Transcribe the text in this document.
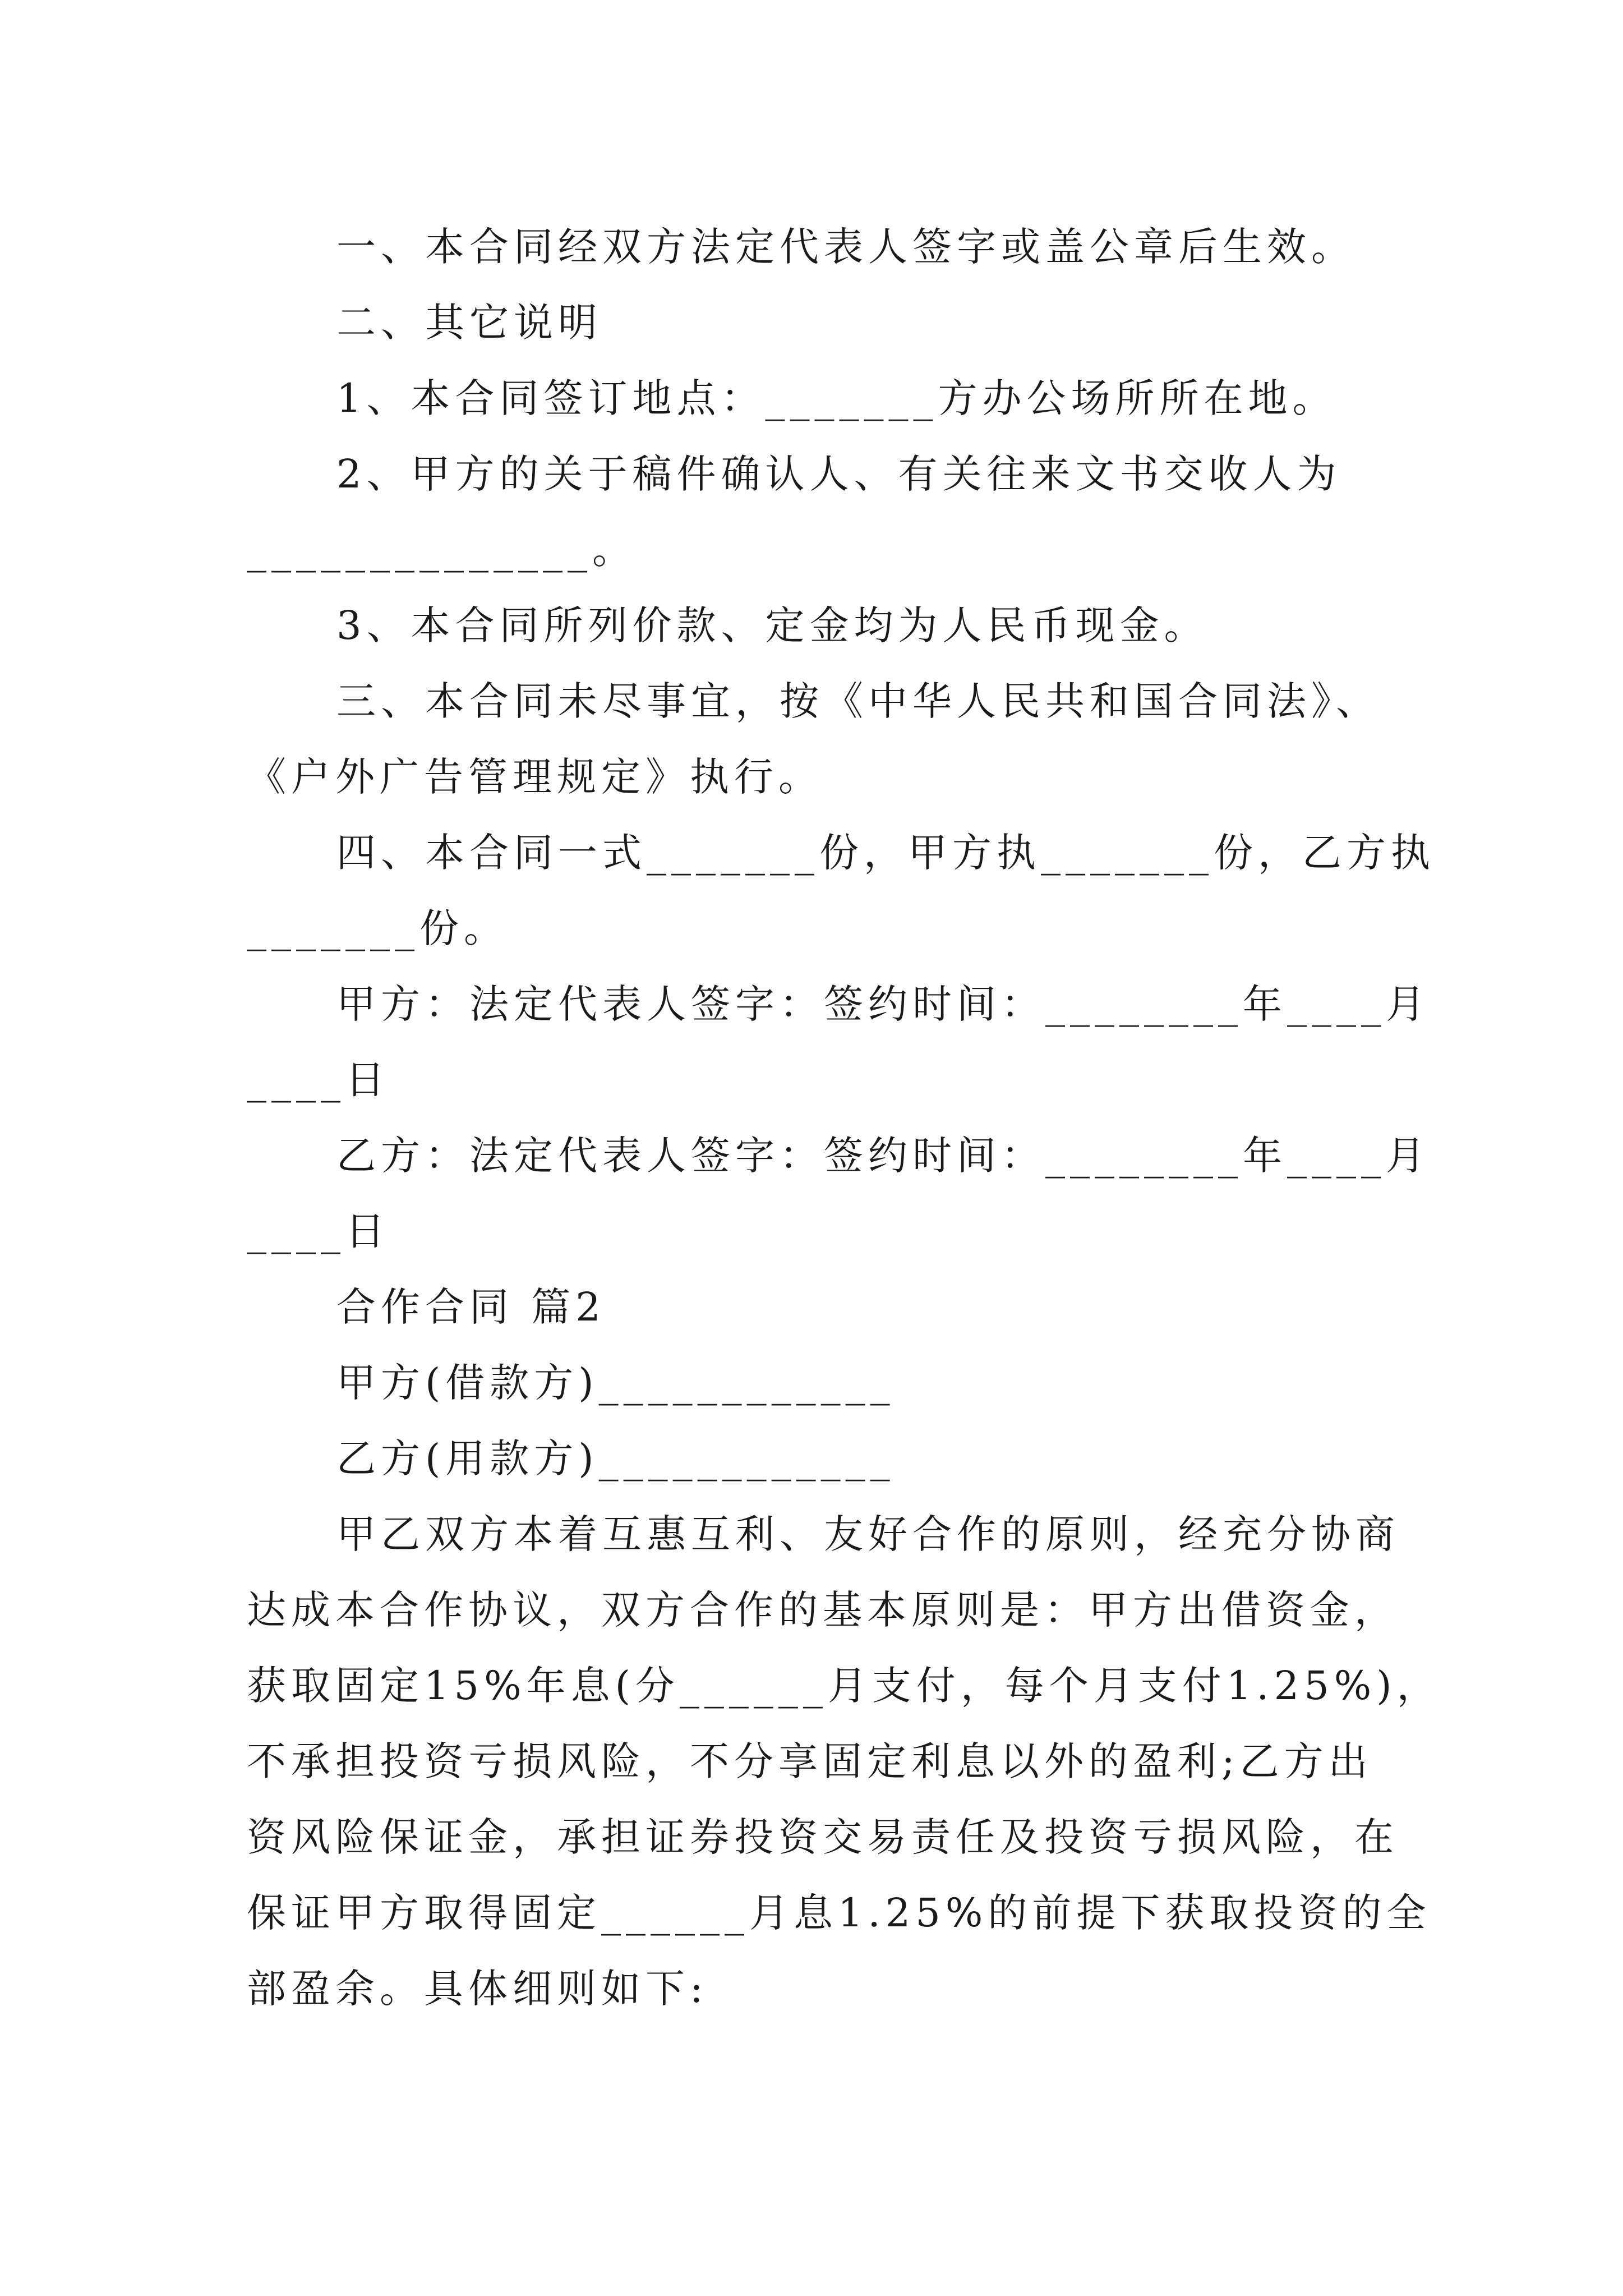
一、本合同经双方法定代表人签字或盖公章后生效。
二、其它说明
1、本合同签订地点：_______方办公场所所在地。
2、甲方的关于稿件确认人、有关往来文书交收人为
______________。
3、本合同所列价款、定金均为人民币现金。
三、本合同未尽事宜，按《中华人民共和国合同法》、
《户外广告管理规定》执行。
四、本合同一式_______份，甲方执_______份，乙方执
_______份。
甲方：法定代表人签字：签约时间：________年____月
____日
乙方：法定代表人签字：签约时间：________年____月
____日
合作合同 篇2
甲方(借款方)____________
乙方(用款方)____________
甲乙双方本着互惠互利、友好合作的原则，经充分协商
达成本合作协议，双方合作的基本原则是：甲方出借资金，
获取固定15%年息(分______月支付，每个月支付1.25%)，
不承担投资亏损风险，不分享固定利息以外的盈利;乙方出
资风险保证金，承担证券投资交易责任及投资亏损风险，在
保证甲方取得固定______月息1.25%的前提下获取投资的全
部盈余。具体细则如下:
